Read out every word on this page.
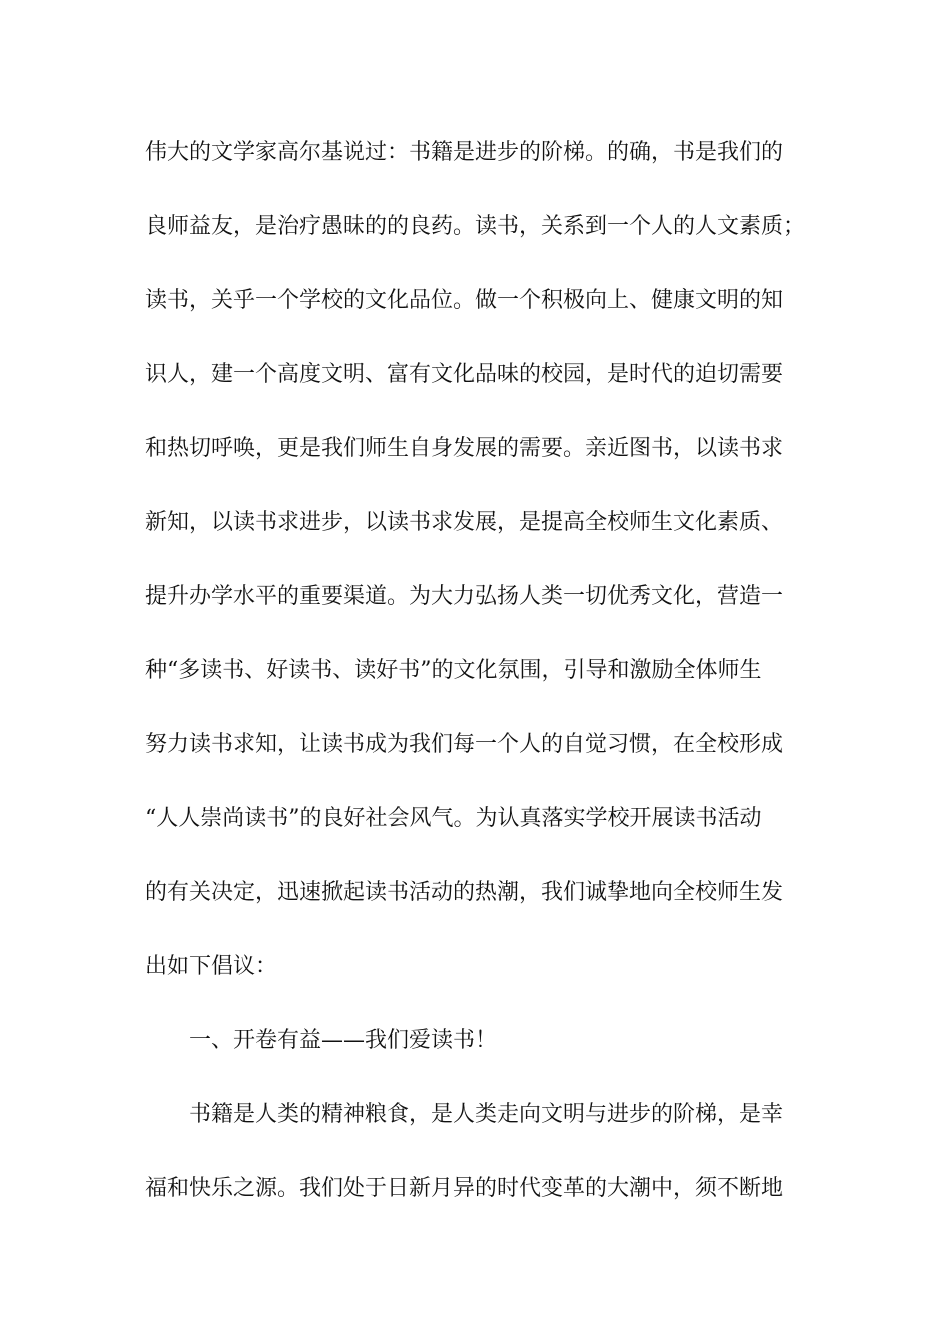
伟大的文学家高尔基说过：书籍是进步的阶梯。的确，书是我们的
良师益友，是治疗愚昧的的良药。读书，关系到一个人的人文素质；
读书，关乎一个学校的文化品位。做一个积极向上、健康文明的知
识人，建一个高度文明、富有文化品味的校园，是时代的迫切需要
和热切呼唤，更是我们师生自身发展的需要。亲近图书，以读书求
新知，以读书求进步，以读书求发展，是提高全校师生文化素质、
提升办学水平的重要渠道。为大力弘扬人类一切优秀文化，营造一
种“多读书、好读书、读好书”的文化氛围，引导和激励全体师生
努力读书求知，让读书成为我们每一个人的自觉习惯，在全校形成
“人人崇尚读书”的良好社会风气。为认真落实学校开展读书活动
的有关决定，迅速掀起读书活动的热潮，我们诚挚地向全校师生发
出如下倡议：
一、开卷有益——我们爱读书！
书籍是人类的精神粮食，是人类走向文明与进步的阶梯，是幸
福和快乐之源。我们处于日新月异的时代变革的大潮中，须不断地
